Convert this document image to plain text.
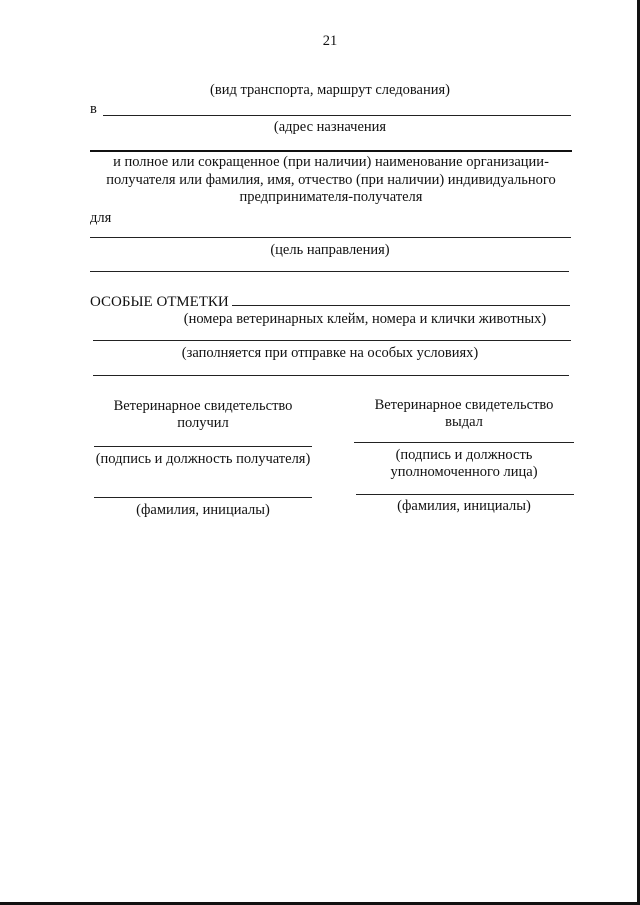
21
(вид транспорта, маршрут следования)
в
(адрес назначения
и полное или сокращенное (при наличии) наименование организации-
получателя или фамилия, имя, отчество (при наличии) индивидуального
предпринимателя-получателя
для
(цель направления)
ОСОБЫЕ ОТМЕТКИ
(номера ветеринарных клейм, номера и клички животных)
(заполняется при отправке на особых условиях)
Ветеринарное свидетельство
получил
(подпись и должность получателя)
(фамилия, инициалы)
Ветеринарное свидетельство
выдал
(подпись и должность
уполномоченного лица)
(фамилия, инициалы)
